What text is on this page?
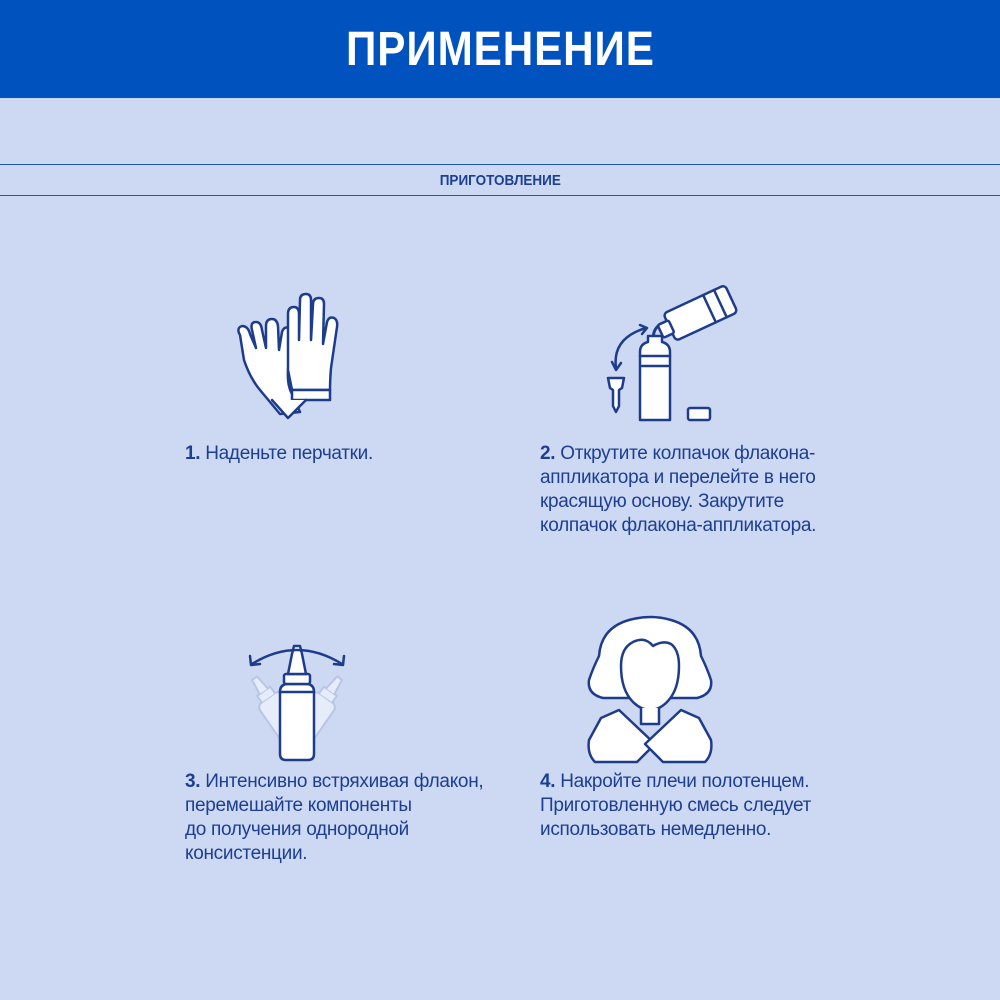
ПРИМЕНЕНИЕ
ПРИГОТОВЛЕНИЕ
1. Наденьте перчатки.	2. Открутите колпачок флакона-
аппликатора и перелейте в него
красящую основу. Закрутите
колпачок флакона-аппликатора.
3. Интенсивно встряхивая флакон,
перемешайте компоненты
до получения однородной
консистенции.
4. Накройте плечи полотенцем.
Приготовленную смесь следует
использовать немедленно.
